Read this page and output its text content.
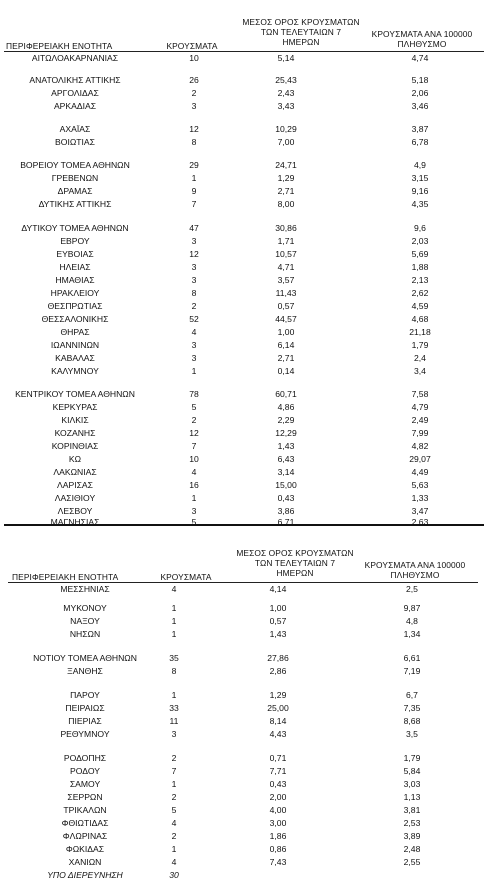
ΠΕΡΙΦΕΡΕΙΑΚΗ ΕΝΟΤΗΤΑ	ΚΡΟΥΣΜΑΤΑ
ΜΕΣΟΣ ΟΡΟΣ ΚΡΟΥΣΜΑΤΩΝ
ΤΩΝ ΤΕΛΕΥΤΑΙΩΝ 7
ΗΜΕΡΩΝ
ΚΡΟΥΣΜΑΤΑ ΑΝΑ 100000
ΠΛΗΘΥΣΜΟ
ΑΙΤΩΛΟΑΚΑΡΝΑΝΙΑΣ	10	5,14	4,74
ΑΝΑΤΟΛΙΚΗΣ ΑΤΤΙΚΗΣ	26	25,43	5,18
ΑΡΓΟΛΙΔΑΣ	2	2,43	2,06
ΑΡΚΑΔΙΑΣ	3	3,43	3,46
ΑΧΑΪΑΣ	12	10,29	3,87
ΒΟΙΩΤΙΑΣ	8	7,00	6,78
ΒΟΡΕΙΟΥ ΤΟΜΕΑ ΑΘΗΝΩΝ	29	24,71	4,9
ΓΡΕΒΕΝΩΝ	1	1,29	3,15
ΔΡΑΜΑΣ	9	2,71	9,16
ΔΥΤΙΚΗΣ ΑΤΤΙΚΗΣ	7	8,00	4,35
ΔΥΤΙΚΟΥ ΤΟΜΕΑ ΑΘΗΝΩΝ	47	30,86	9,6
ΕΒΡΟΥ	3	1,71	2,03
ΕΥΒΟΙΑΣ	12	10,57	5,69
ΗΛΕΙΑΣ	3	4,71	1,88
ΗΜΑΘΙΑΣ	3	3,57	2,13
ΗΡΑΚΛΕΙΟΥ	8	11,43	2,62
ΘΕΣΠΡΩΤΙΑΣ	2	0,57	4,59
ΘΕΣΣΑΛΟΝΙΚΗΣ	52	44,57	4,68
ΘΗΡΑΣ	4	1,00	21,18
ΙΩΑΝΝΙΝΩΝ	3	6,14	1,79
ΚΑΒΑΛΑΣ	3	2,71	2,4
ΚΑΛΥΜΝΟΥ	1	0,14	3,4
ΚΕΝΤΡΙΚΟΥ ΤΟΜΕΑ ΑΘΗΝΩΝ	78	60,71	7,58
ΚΕΡΚΥΡΑΣ	5	4,86	4,79
ΚΙΛΚΙΣ	2	2,29	2,49
ΚΟΖΑΝΗΣ	12	12,29	7,99
ΚΟΡΙΝΘΙΑΣ	7	1,43	4,82
ΚΩ	10	6,43	29,07
ΛΑΚΩΝΙΑΣ	4	3,14	4,49
ΛΑΡΙΣΑΣ	16	15,00	5,63
ΛΑΣΙΘΙΟΥ	1	0,43	1,33
ΛΕΣΒΟΥ	3	3,86	3,47
ΜΑΓΝΗΣΙΑΣ	5	6,71	2,63
ΠΕΡΙΦΕΡΕΙΑΚΗ ΕΝΟΤΗΤΑ	ΚΡΟΥΣΜΑΤΑ
ΜΕΣΟΣ ΟΡΟΣ ΚΡΟΥΣΜΑΤΩΝ
ΤΩΝ ΤΕΛΕΥΤΑΙΩΝ 7
ΗΜΕΡΩΝ
ΚΡΟΥΣΜΑΤΑ ΑΝΑ 100000
ΠΛΗΘΥΣΜΟ
ΜΕΣΣΗΝΙΑΣ	4	4,14	2,5
ΜΥΚΟΝΟΥ	1	1,00	9,87
ΝΑΞΟΥ	1	0,57	4,8
ΝΗΣΩΝ	1	1,43	1,34
ΝΟΤΙΟΥ ΤΟΜΕΑ ΑΘΗΝΩΝ	35	27,86	6,61
ΞΑΝΘΗΣ	8	2,86	7,19
ΠΑΡΟΥ	1	1,29	6,7
ΠΕΙΡΑΙΩΣ	33	25,00	7,35
ΠΙΕΡΙΑΣ	11	8,14	8,68
ΡΕΘΥΜΝΟΥ	3	4,43	3,5
ΡΟΔΟΠΗΣ	2	0,71	1,79
ΡΟΔΟΥ	7	7,71	5,84
ΣΑΜΟΥ	1	0,43	3,03
ΣΕΡΡΩΝ	2	2,00	1,13
ΤΡΙΚΑΛΩΝ	5	4,00	3,81
ΦΘΙΩΤΙΔΑΣ	4	3,00	2,53
ΦΛΩΡΙΝΑΣ	2	1,86	3,89
ΦΩΚΙΔΑΣ	1	0,86	2,48
ΧΑΝΙΩΝ	4	7,43	2,55
ΥΠΟ ΔΙΕΡΕΥΝΗΣΗ	30
